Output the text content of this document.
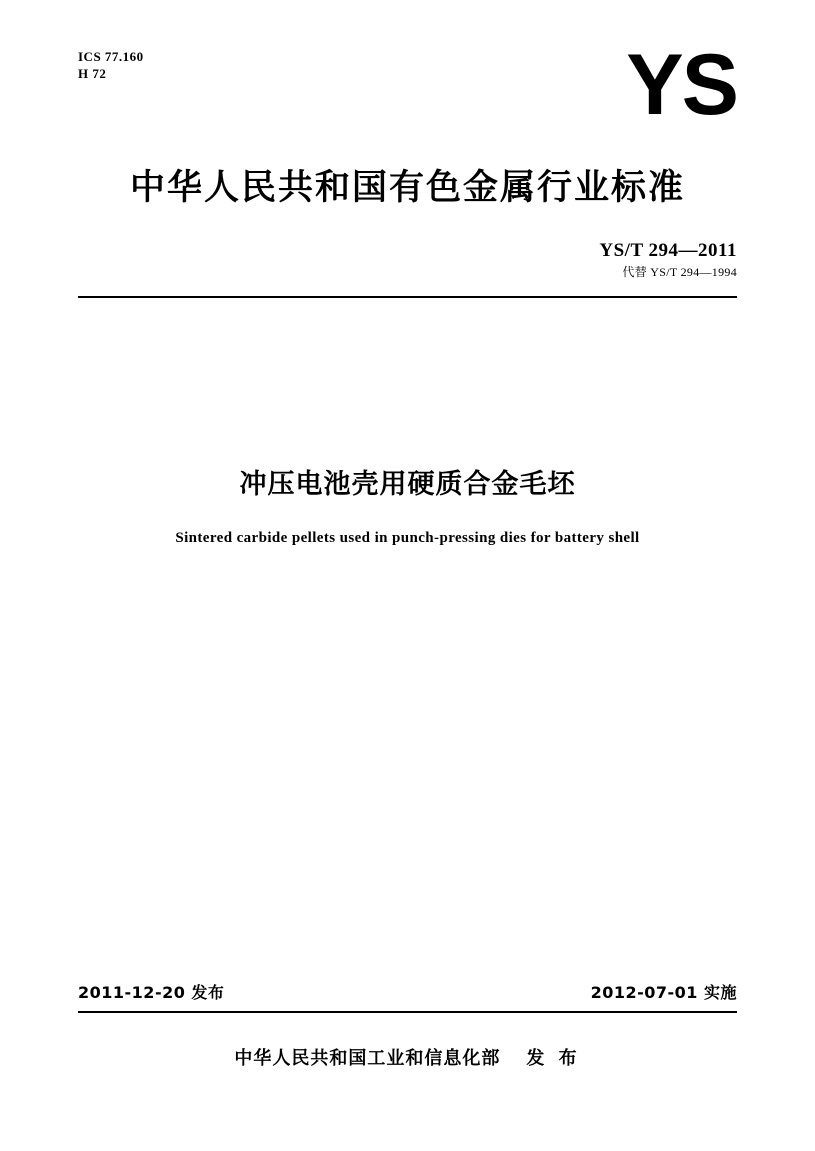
ICS 77.160
H 72	YS
中华人民共和国有色金属行业标准
YS/T 294—2011
代替 YS/T 294—1994
冲压电池壳用硬质合金毛坯
Sintered carbide pellets used in punch-pressing dies for battery shell
2011-12-20 发布	2012-07-01 实施
中华人民共和国工业和信息化部 发 布
